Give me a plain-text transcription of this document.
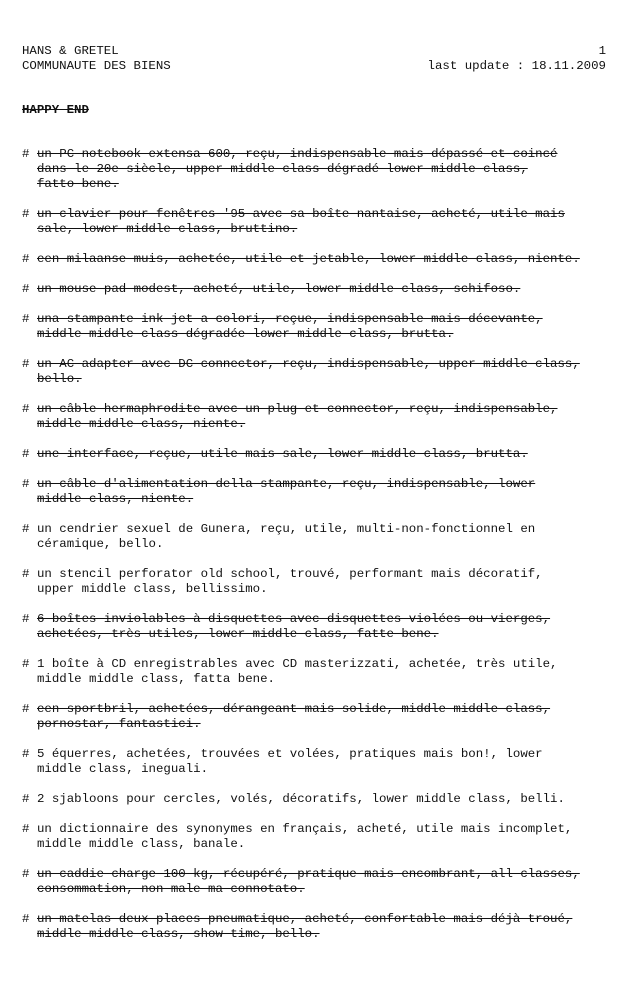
HANS & GRETEL	1
COMMUNAUTE DES BIENS	last update : 18.11.2009
HAPPY END
# un PC notebook extensa 600, reçu, indispensable mais dépassé et coincé
dans le 20e siècle, upper middle class dégradé lower middle class,
fatto bene.
# un clavier pour fenêtres '95 avec sa boîte nantaise, acheté, utile mais
sale, lower middle class, bruttino.
# een milaanse muis, achetée, utile et jetable, lower middle class, niente.
# un mouse pad modest, acheté, utile, lower middle class, schifoso.
# una stampante ink jet a colori, reçue, indispensable mais décevante,
middle middle class dégradée lower middle class, brutta.
# un AC adapter avec DC connector, reçu, indispensable, upper middle class,
bello.
# un câble hermaphrodite avec un plug et connector, reçu, indispensable,
middle middle class, niente.
# une interface, reçue, utile mais sale, lower middle class, brutta.
# un câble d'alimentation della stampante, reçu, indispensable, lower
middle class, niente.
# un cendrier sexuel de Gunera, reçu, utile, multi-non-fonctionnel en
céramique, bello.
# un stencil perforator old school, trouvé, performant mais décoratif,
upper middle class, bellissimo.
# 6 boîtes inviolables à disquettes avec disquettes violées ou vierges,
achetées, très utiles, lower middle class, fatte bene.
# 1 boîte à CD enregistrables avec CD masterizzati, achetée, très utile,
middle middle class, fatta bene.
# een sportbril, achetées, dérangeant mais solide, middle middle class,
pornostar, fantastici.
# 5 équerres, achetées, trouvées et volées, pratiques mais bon!, lower
middle class, ineguali.
# 2 sjabloons pour cercles, volés, décoratifs, lower middle class, belli.
# un dictionnaire des synonymes en français, acheté, utile mais incomplet,
middle middle class, banale.
# un caddie charge 100 kg, récupéré, pratique mais encombrant, all classes,
consommation, non male ma connotato.
# un matelas deux places pneumatique, acheté, confortable mais déjà troué,
middle middle class, show time, bello.
